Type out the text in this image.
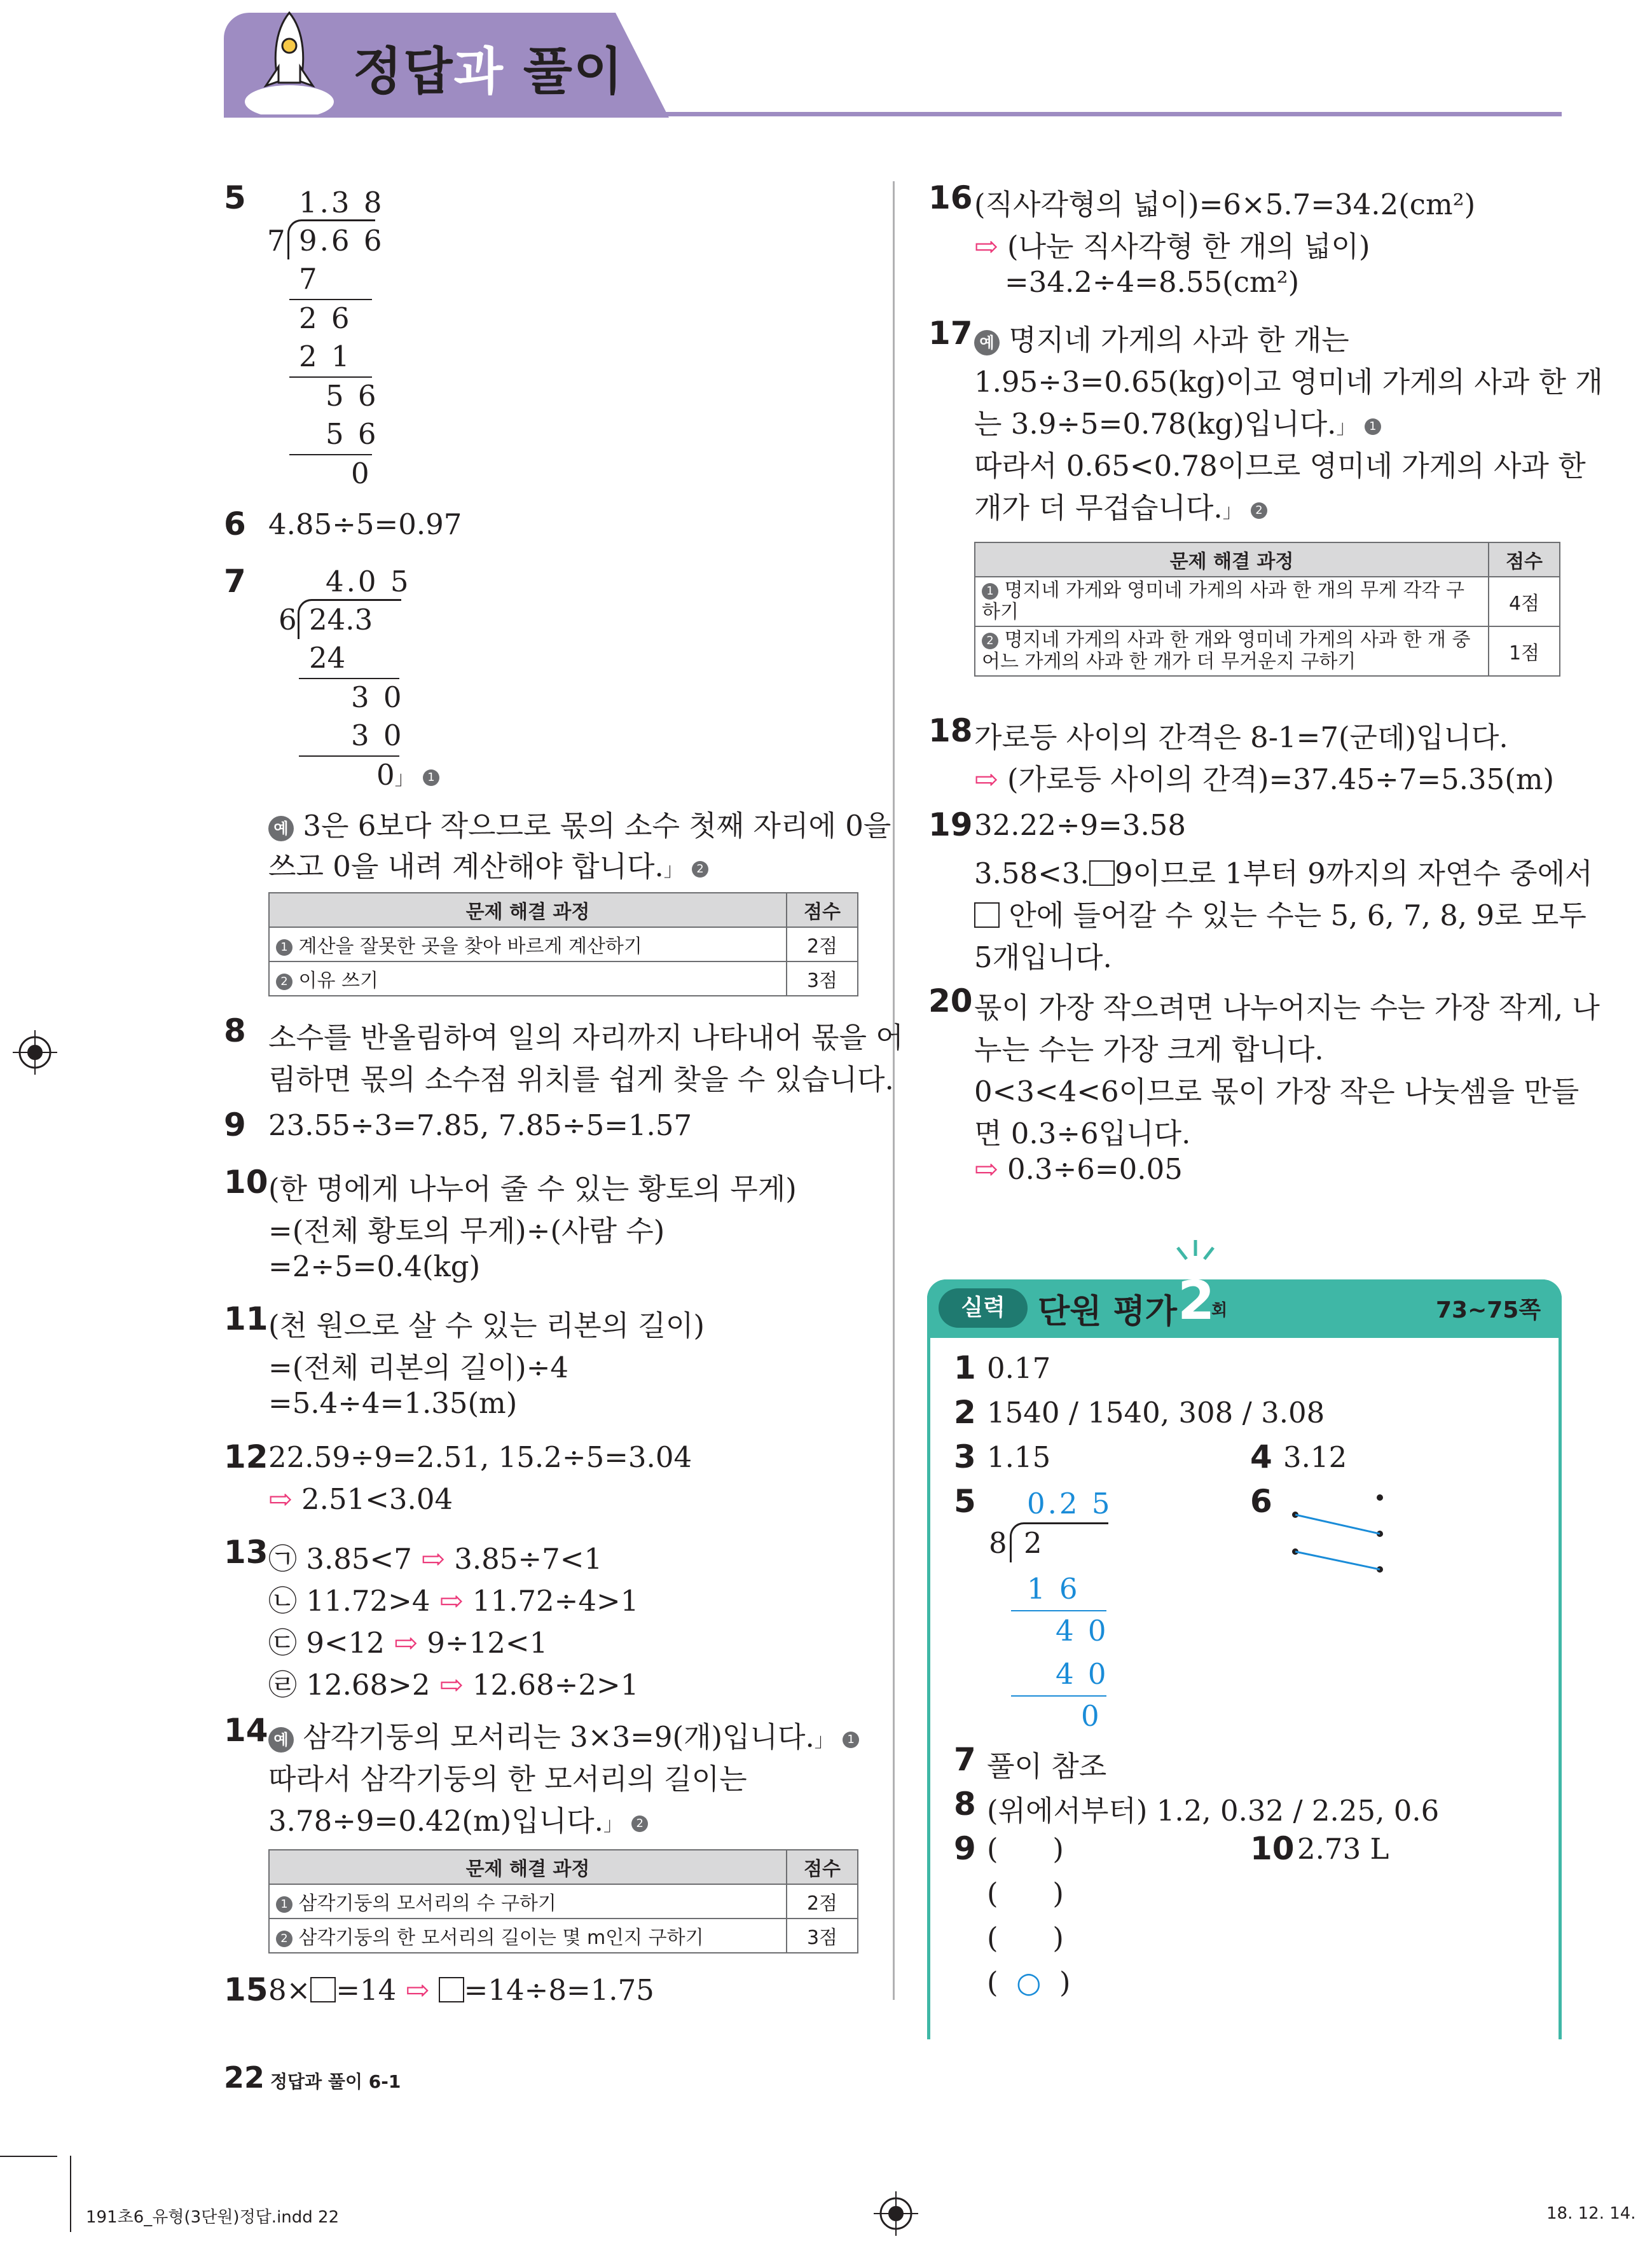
정답과 풀이
5 1.3 8
7 9.6 6
7
2 6
2 1
5 6
5 6
0
6 4.85÷5=0.97
7	4.0 5
6 24.3
24
3 0
3 0
0」 1
예 3은 6보다 작으므로 몫의 소수 첫째 자리에 0을
쓰고 0을 내려 계산해야 합니다.」 2
문제 해결 과정	점수
1 계산을 잘못한 곳을 찾아 바르게 계산하기	2점
2 이유 쓰기	3점
8 소수를 반올림하여 일의 자리까지 나타내어 몫을 어
림하면 몫의 소수점 위치를 쉽게 찾을 수 있습니다.
9 23.55÷3=7.85, 7.85÷5=1.57
10 (한 명에게 나누어 줄 수 있는 황토의 무게)
=(전체 황토의 무게)÷(사람 수)
=2÷5=0.4(kg)
11 (천 원으로 살 수 있는 리본의 길이)
=(전체 리본의 길이)÷4
=5.4÷4=1.35(m)
12 22.59÷9=2.51, 15.2÷5=3.04
⇨ 2.51<3.04
13 ㉠ 3.85<7 ⇨ 3.85÷7<1
㉡ 11.72>4 ⇨ 11.72÷4>1
㉢ 9<12 ⇨ 9÷12<1
㉣ 12.68>2 ⇨ 12.68÷2>1
14 예 삼각기둥의 모서리는 3×3=9(개)입니다.」 1
따라서 삼각기둥의 한 모서리의 길이는
3.78÷9=0.42(m)입니다.」 2
문제 해결 과정	점수
1 삼각기둥의 모서리의 수 구하기	2점
2 삼각기둥의 한 모서리의 길이는 몇 m인지 구하기	3점
15 8× =14 ⇨ =14÷8=1.75
16 (직사각형의 넓이)=6×5.7=34.2(cm²)
⇨ (나눈 직사각형 한 개의 넓이)
=34.2÷4=8.55(cm²)
17 예 명지네 가게의 사과 한 개는
1.95÷3=0.65(kg)이고 영미네 가게의 사과 한 개
는 3.9÷5=0.78(kg)입니다.」 1
따라서 0.65<0.78이므로 영미네 가게의 사과 한
개가 더 무겁습니다.」 2
문제 해결 과정	점수
1 명지네 가게와 영미네 가게의 사과 한 개의 무게 각각 구하기	4점
2 명지네 가게의 사과 한 개와 영미네 가게의 사과 한 개 중 어느 가게의 사과 한 개가 더 무거운지 구하기	1점
18 가로등 사이의 간격은 8-1=7(군데)입니다.
⇨ (가로등 사이의 간격)=37.45÷7=5.35(m)
19 32.22÷9=3.58
3.58<3. 9이므로 1부터 9까지의 자연수 중에서
안에 들어갈 수 있는 수는 5, 6, 7, 8, 9로 모두
5개입니다.
20 몫이 가장 작으려면 나누어지는 수는 가장 작게, 나
누는 수는 가장 크게 합니다.
0<3<4<6이므로 몫이 가장 작은 나눗셈을 만들
면 0.3÷6입니다.
⇨ 0.3÷6=0.05
실력 단원 평가 2
회	73~75쪽
1 0.17
2 1540 / 1540, 308 / 3.08
3 1.15	4 3.12
5 0.2 5
8 2
1 6
4 0
4 0
0
6
7 풀이 참조
8 (위에서부터) 1.2, 0.32 / 2.25, 0.6
9 (      )
(      )
(      )
( ○ )
10 2.73 L
22 정답과 풀이 6-1
191초6_유형(3단원)정답.indd 22	18. 12. 14.
